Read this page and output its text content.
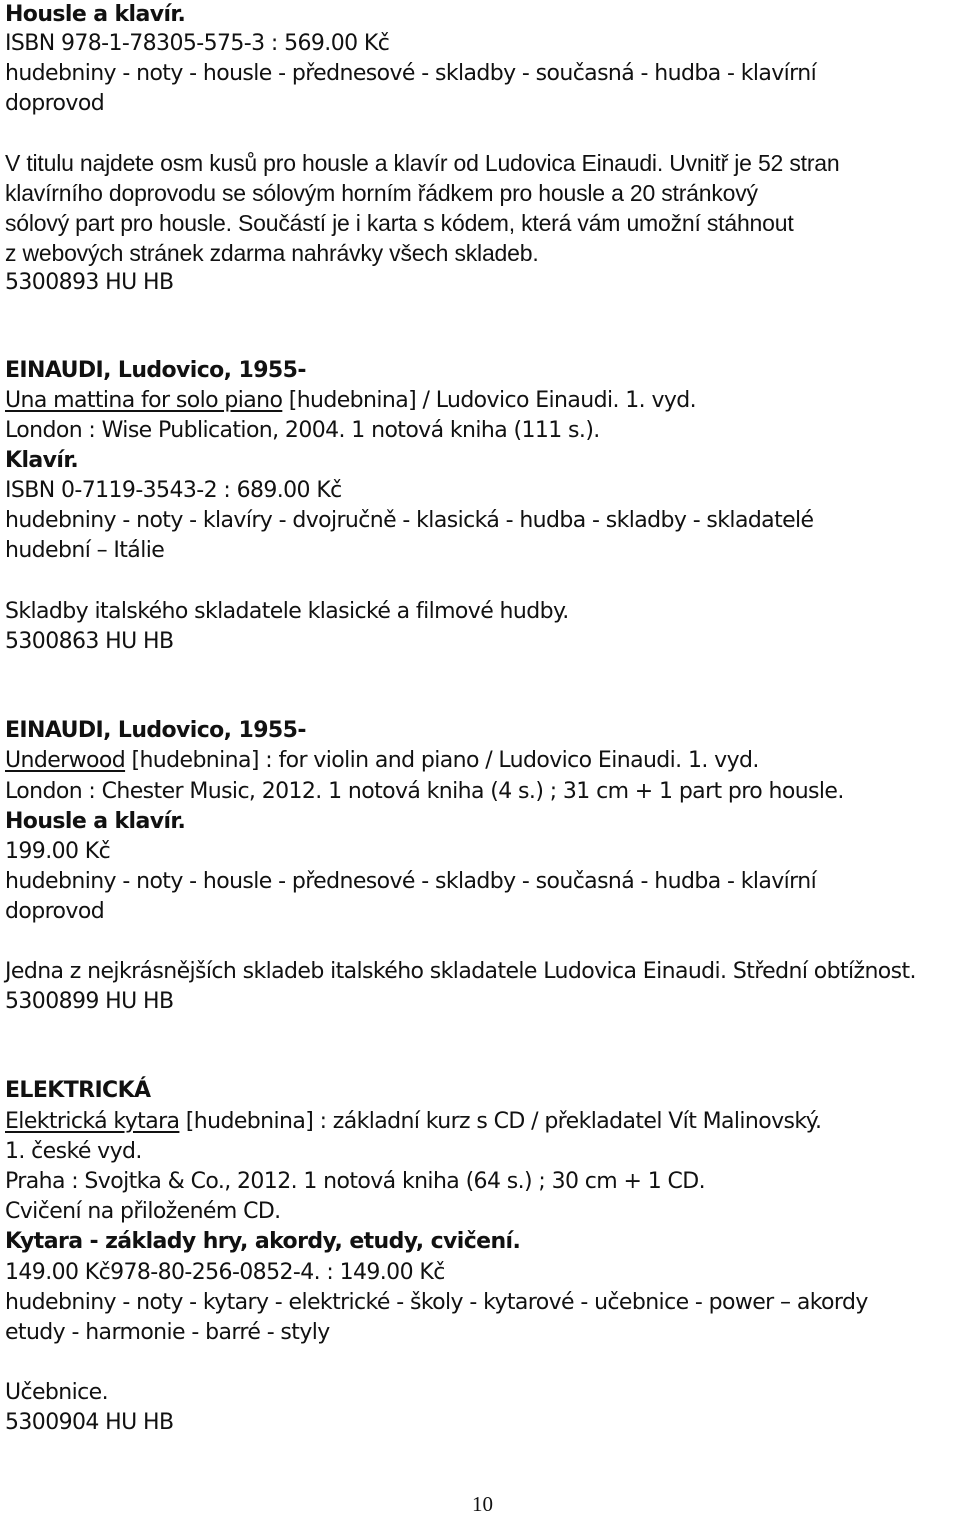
Housle a klavír.
ISBN 978-1-78305-575-3 : 569.00 Kč
hudebniny - noty - housle - přednesové - skladby - současná - hudba - klavírní
doprovod
V titulu najdete osm kusů pro housle a klavír od Ludovica Einaudi. Uvnitř je 52 stran
klavírního doprovodu se sólovým horním řádkem pro housle a 20 stránkový
sólový part pro housle. Součástí je i karta s kódem, která vám umožní stáhnout
z webových stránek zdarma nahrávky všech skladeb.
5300893 HU HB
EINAUDI, Ludovico, 1955-
Una mattina for solo piano [hudebnina] / Ludovico Einaudi. 1. vyd.
London : Wise Publication, 2004. 1 notová kniha (111 s.).
Klavír.
ISBN 0-7119-3543-2 : 689.00 Kč
hudebniny - noty - klavíry - dvojručně - klasická - hudba - skladby - skladatelé
hudební – Itálie
Skladby italského skladatele klasické a filmové hudby.
5300863 HU HB
EINAUDI, Ludovico, 1955-
Underwood [hudebnina] : for violin and piano / Ludovico Einaudi. 1. vyd.
London : Chester Music, 2012. 1 notová kniha (4 s.) ; 31 cm + 1 part pro housle.
Housle a klavír.
199.00 Kč
hudebniny - noty - housle - přednesové - skladby - současná - hudba - klavírní
doprovod
Jedna z nejkrásnějších skladeb italského skladatele Ludovica Einaudi. Střední obtížnost.
5300899 HU HB
ELEKTRICKÁ
Elektrická kytara [hudebnina] : základní kurz s CD / překladatel Vít Malinovský.
1. české vyd.
Praha : Svojtka & Co., 2012. 1 notová kniha (64 s.) ; 30 cm + 1 CD.
Cvičení na přiloženém CD.
Kytara - základy hry, akordy, etudy, cvičení.
149.00 Kč978-80-256-0852-4. : 149.00 Kč
hudebniny - noty - kytary - elektrické - školy - kytarové - učebnice - power – akordy
etudy - harmonie - barré - styly
Učebnice.
5300904 HU HB
10
